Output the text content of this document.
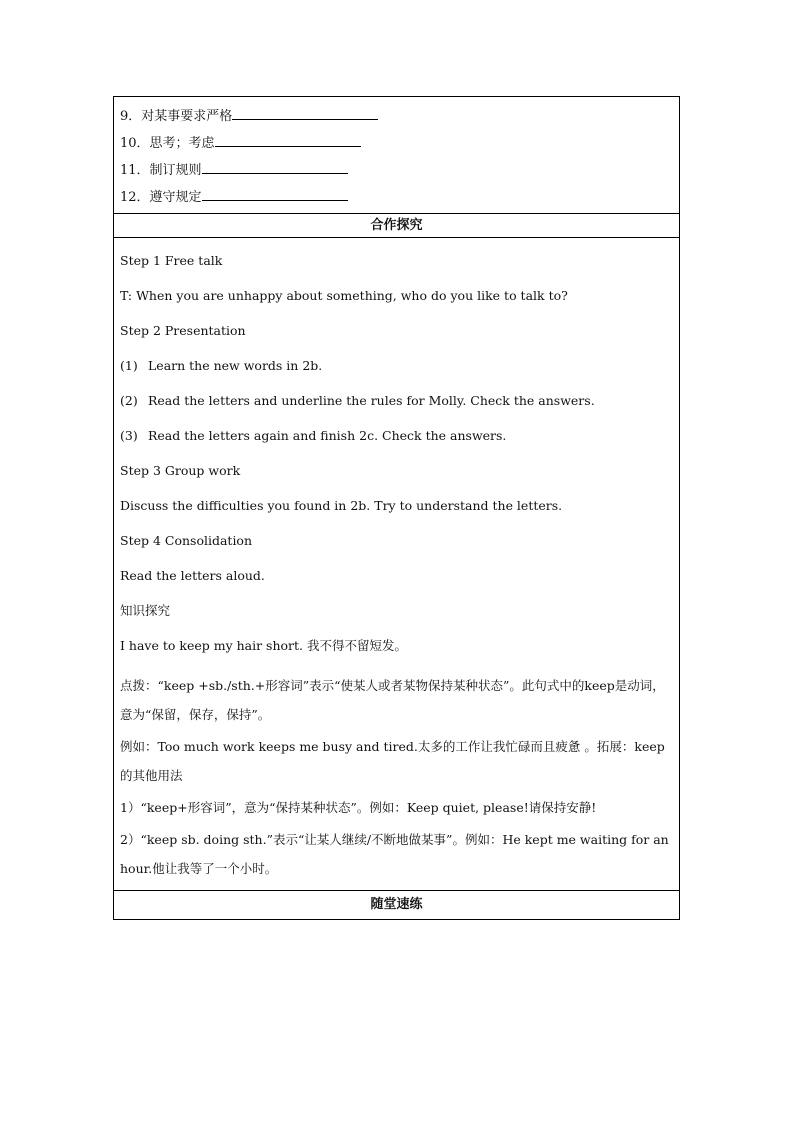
9．对某事要求严格
10．思考；考虑
11．制订规则
12．遵守规定
合作探究
Step 1 Free talk
T: When you are unhappy about something, who do you like to talk to?
Step 2 Presentation
(1) Learn the new words in 2b.
(2) Read the letters and underline the rules for Molly. Check the answers.
(3) Read the letters again and finish 2c. Check the answers.
Step 3 Group work
Discuss the difficulties you found in 2b. Try to understand the letters.
Step 4 Consolidation
Read the letters aloud.
知识探究
I have to keep my hair short. 我不得不留短发。
点拨：“keep +sb./sth.+形容词”表示“使某人或者某物保持某种状态”。此句式中的keep是动词，意为“保留，保存，保持”。
例如：Too much work keeps me busy and tired.太多的工作让我忙碌而且疲惫 。拓展：keep的其他用法
1）“keep+形容词”，意为“保持某种状态”。例如：Keep quiet, please!请保持安静!
2）“keep sb. doing sth.”表示“让某人继续/不断地做某事”。例如：He kept me waiting for an hour.他让我等了一个小时。
随堂速练
